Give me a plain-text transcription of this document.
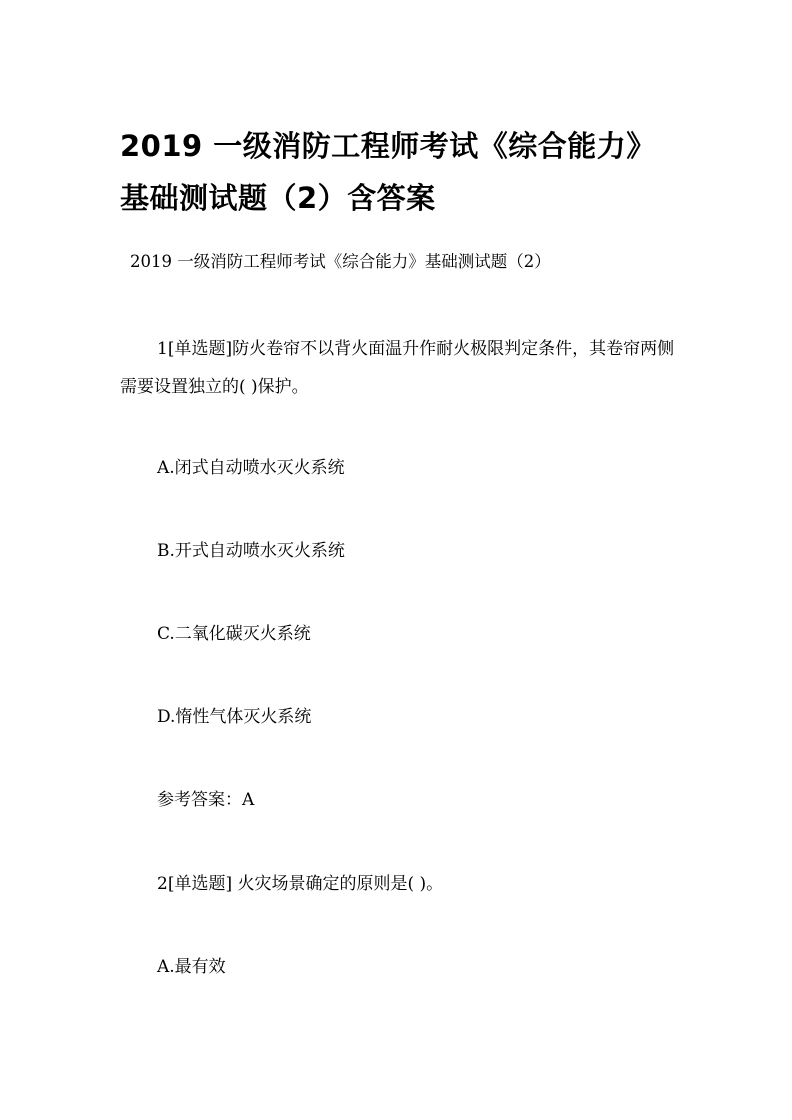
2019 一级消防工程师考试《综合能力》基础测试题（2）含答案

2019 一级消防工程师考试《综合能力》基础测试题（2）

1[单选题]防火卷帘不以背火面温升作耐火极限判定条件，其卷帘两侧需要设置独立的( )保护。

A.闭式自动喷水灭火系统

B.开式自动喷水灭火系统

C.二氧化碳灭火系统

D.惰性气体灭火系统

参考答案：A

2[单选题] 火灾场景确定的原则是( )。

A.最有效
